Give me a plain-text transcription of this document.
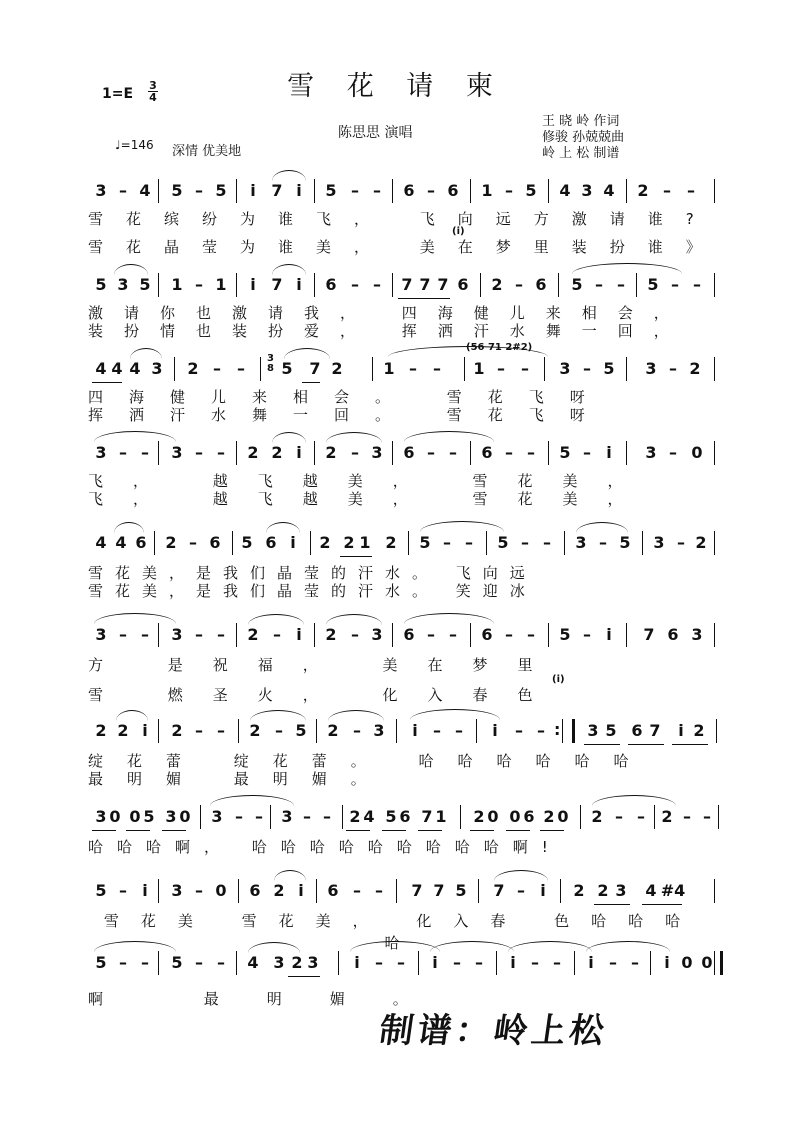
1=E
3
4	雪 花 请 柬
陈思思 演唱
王 晓 岭 作词
修骏 孙兢兢曲
岭 上 松 制谱
♩=146 深情 优美地
3 – 4	5 – 5	i 7 i	5 – –	6 – 6	1 – 5	4 3 4	2 –	–
雪花缤纷为谁飞， 飞向远方激请谁?
雪花晶莹为谁美， 美在梦里装扮谁》
(i)
5 3 5	1 – 1	i 7 i	6 – –	7 7 7 6	2 – 6	5 – –	5 – –
激请你也激请我， 四海健儿来相会，
装扮情也装扮爱， 挥洒汗水舞一回，
(56 71 2#2)
4 4 4 3	2 –	–
3
8 5	7 2	1 –	–	1 –	–	3 – 5	3 – 2
四海健儿来相会。 雪花飞呀
挥洒汗水舞一回。 雪花飞呀
3 – –	3 – –	2 2 i	2 – 3	6 – –	6 – –	5 – i	3 – 0
飞， 越飞越美， 雪花美，
飞， 越飞越美， 雪花美，
4 4 6	2 – 6	5 6 i	2 2 1 2	5 – –	5 – –	3 – 5	3 – 2
雪花美，是我们晶莹的汗水。 飞向远
雪花美，是我们晶莹的汗水。 笑迎冰
3 – –	3 – –	2 – i	2 – 3	6 – –	6 – –	5 – i	7 6 3
方 是祝福， 美在梦里
(i)
雪 燃圣火， 化入春色
2 2 i	2 – –	2 – 5	2 – 3	i – –	i	– –
:	3 5 6 7	i 2
绽花蕾 绽花蕾。 哈哈哈哈哈哈
最明媚 最明媚。
3 0 0 5 3 0	3 – –	3 – –	2 4 5 6 7 1	2 0 0 6 2 0	2 – –	2 – –
哈哈哈啊， 哈哈哈哈哈哈哈哈哈啊!
5 – i	3 – 0	6 2 i	6 – –	7 7 5	7 – i	2 2 3	4 #4
雪花美 雪花美， 化入春 色哈哈哈哈
5 – –	5 – –	4 3 2 3	i – –	i – –	i – –	i – –	i 0 0
啊 最明媚。
制谱：岭上松
